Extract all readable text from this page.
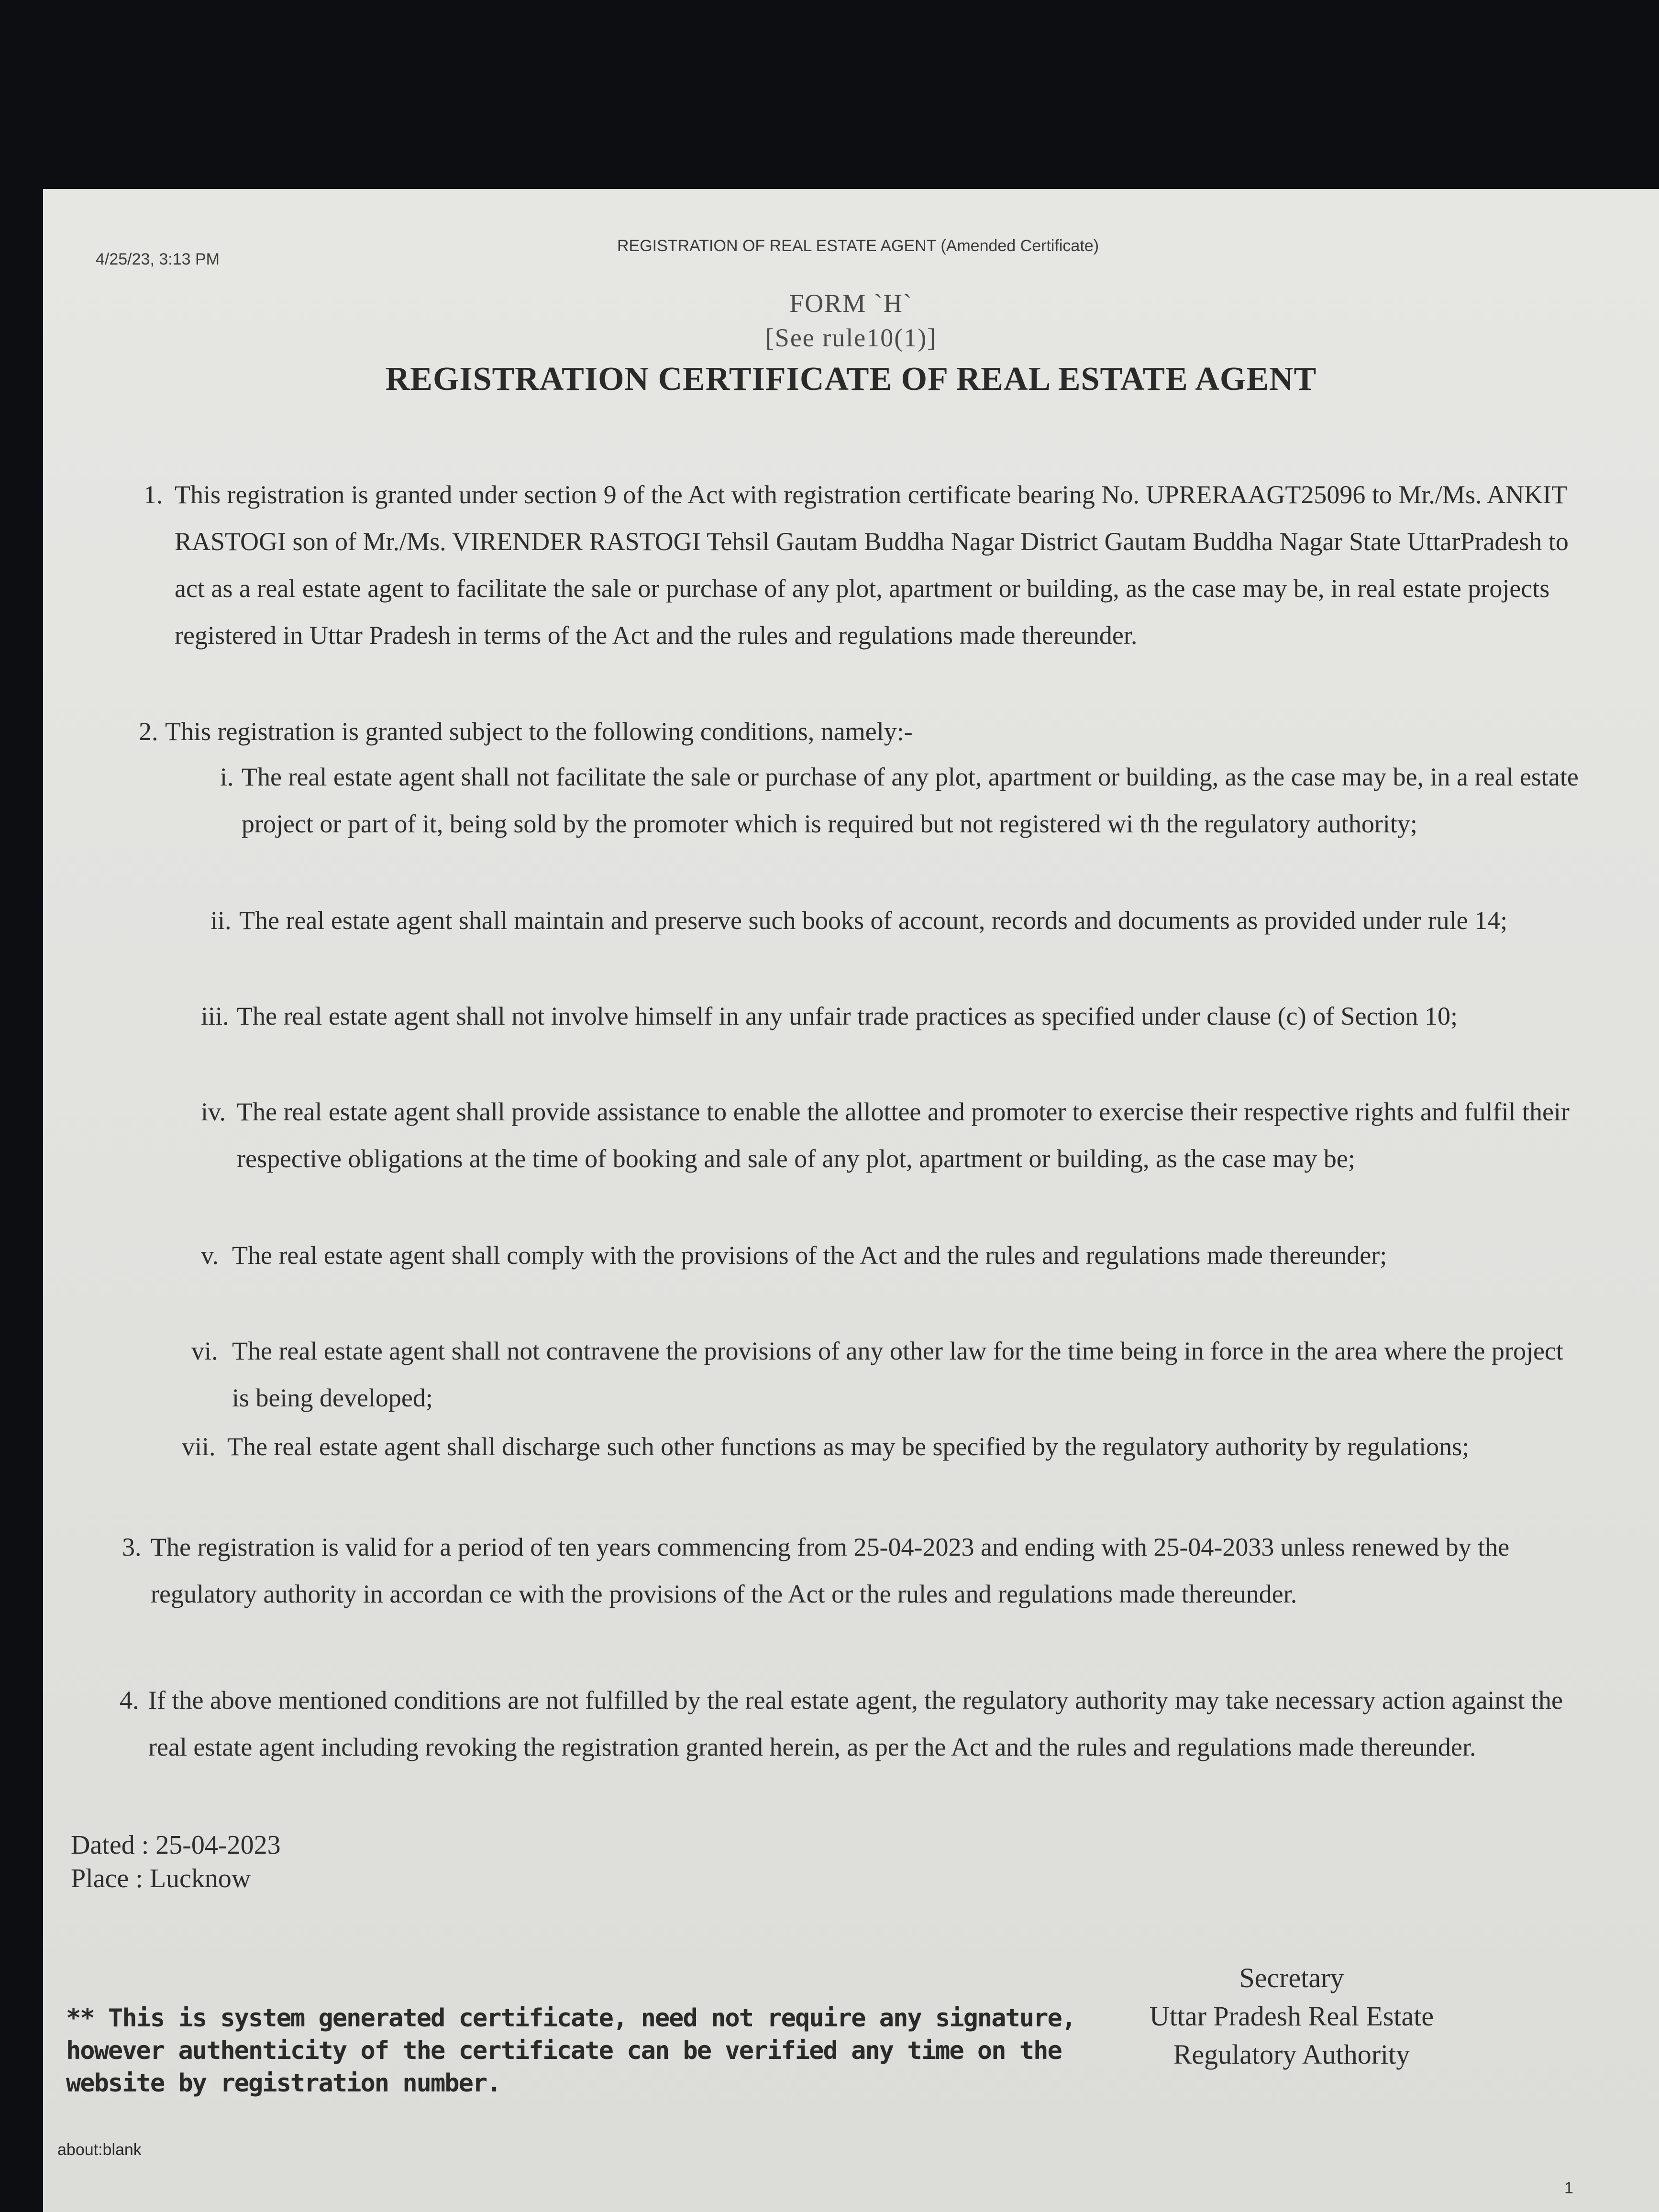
4/25/23, 3:13 PM
REGISTRATION OF REAL ESTATE AGENT (Amended Certificate)
FORM `H`
[See rule10(1)]
REGISTRATION CERTIFICATE OF REAL ESTATE AGENT
1. This registration is granted under section 9 of the Act with registration certificate bearing No. UPRERAAGT25096 to Mr./Ms. ANKIT RASTOGI son of Mr./Ms. VIRENDER RASTOGI Tehsil Gautam Buddha Nagar District Gautam Buddha Nagar State UttarPradesh to act as a real estate agent to facilitate the sale or purchase of any plot, apartment or building, as the case may be, in real estate projects registered in Uttar Pradesh in terms of the Act and the rules and regulations made thereunder.
2. This registration is granted subject to the following conditions, namely:-
i. The real estate agent shall not facilitate the sale or purchase of any plot, apartment or building, as the case may be, in a real estate project or part of it, being sold by the promoter which is required but not registered wi th the regulatory authority;
ii. The real estate agent shall maintain and preserve such books of account, records and documents as provided under rule 14;
iii. The real estate agent shall not involve himself in any unfair trade practices as specified under clause (c) of Section 10;
iv. The real estate agent shall provide assistance to enable the allottee and promoter to exercise their respective rights and fulfil their respective obligations at the time of booking and sale of any plot, apartment or building, as the case may be;
v. The real estate agent shall comply with the provisions of the Act and the rules and regulations made thereunder;
vi. The real estate agent shall not contravene the provisions of any other law for the time being in force in the area where the project is being developed;
vii. The real estate agent shall discharge such other functions as may be specified by the regulatory authority by regulations;
3. The registration is valid for a period of ten years commencing from 25-04-2023 and ending with 25-04-2033 unless renewed by the regulatory authority in accordan ce with the provisions of the Act or the rules and regulations made thereunder.
4. If the above mentioned conditions are not fulfilled by the real estate agent, the regulatory authority may take necessary action against the real estate agent including revoking the registration granted herein, as per the Act and the rules and regulations made thereunder.
Dated : 25-04-2023
Place : Lucknow
Secretary
Uttar Pradesh Real Estate
Regulatory Authority
** This is system generated certificate, need not require any signature, however authenticity of the certificate can be verified any time on the website by registration number.
about:blank
1
